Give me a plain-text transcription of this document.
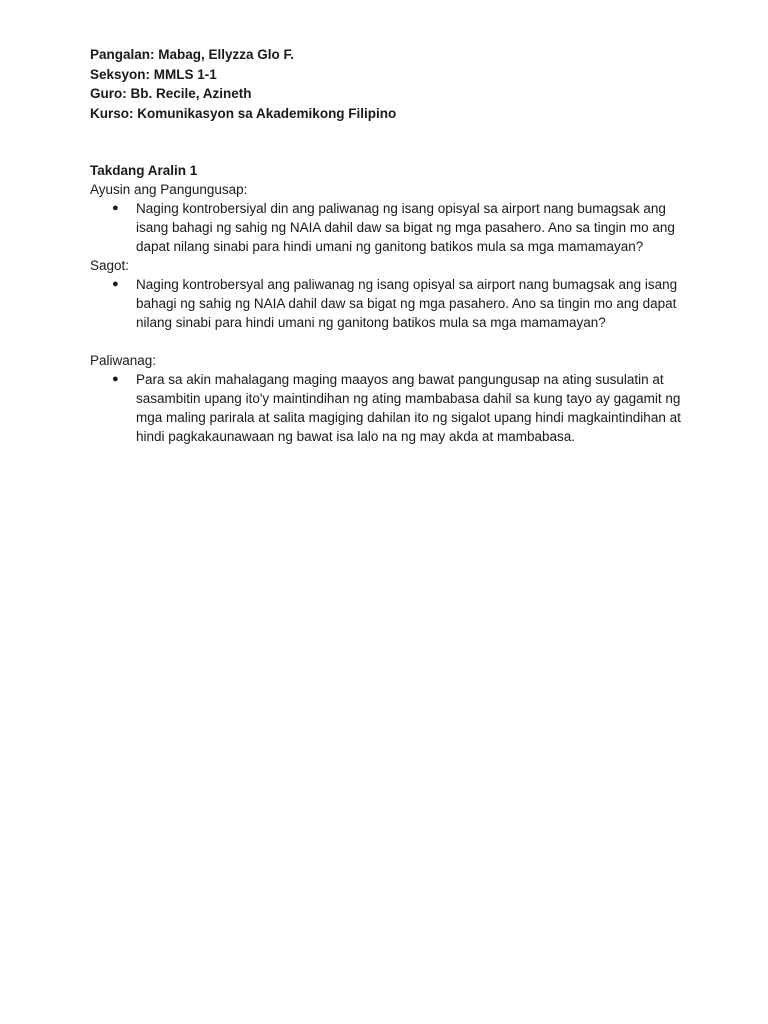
Pangalan: Mabag, Ellyzza Glo F.
Seksyon: MMLS 1-1
Guro: Bb. Recile, Azineth
Kurso: Komunikasyon sa Akademikong Filipino
Takdang Aralin 1
Ayusin ang Pangungusap:
● Naging kontrobersiyal din ang paliwanag ng isang opisyal sa airport nang bumagsak ang isang bahagi ng sahig ng NAIA dahil daw sa bigat ng mga pasahero. Ano sa tingin mo ang dapat nilang sinabi para hindi umani ng ganitong batikos mula sa mga mamamayan?
Sagot:
● Naging kontrobersyal ang paliwanag ng isang opisyal sa airport nang bumagsak ang isang bahagi ng sahig ng NAIA dahil daw sa bigat ng mga pasahero. Ano sa tingin mo ang dapat nilang sinabi para hindi umani ng ganitong batikos mula sa mga mamamayan?
Paliwanag:
● Para sa akin mahalagang maging maayos ang bawat pangungusap na ating susulatin at sasambitin upang ito'y maintindihan ng ating mambabasa dahil sa kung tayo ay gagamit ng mga maling parirala at salita magiging dahilan ito ng sigalot upang hindi magkaintindihan at hindi pagkakaunawaan ng bawat isa lalo na ng may akda at mambabasa.
